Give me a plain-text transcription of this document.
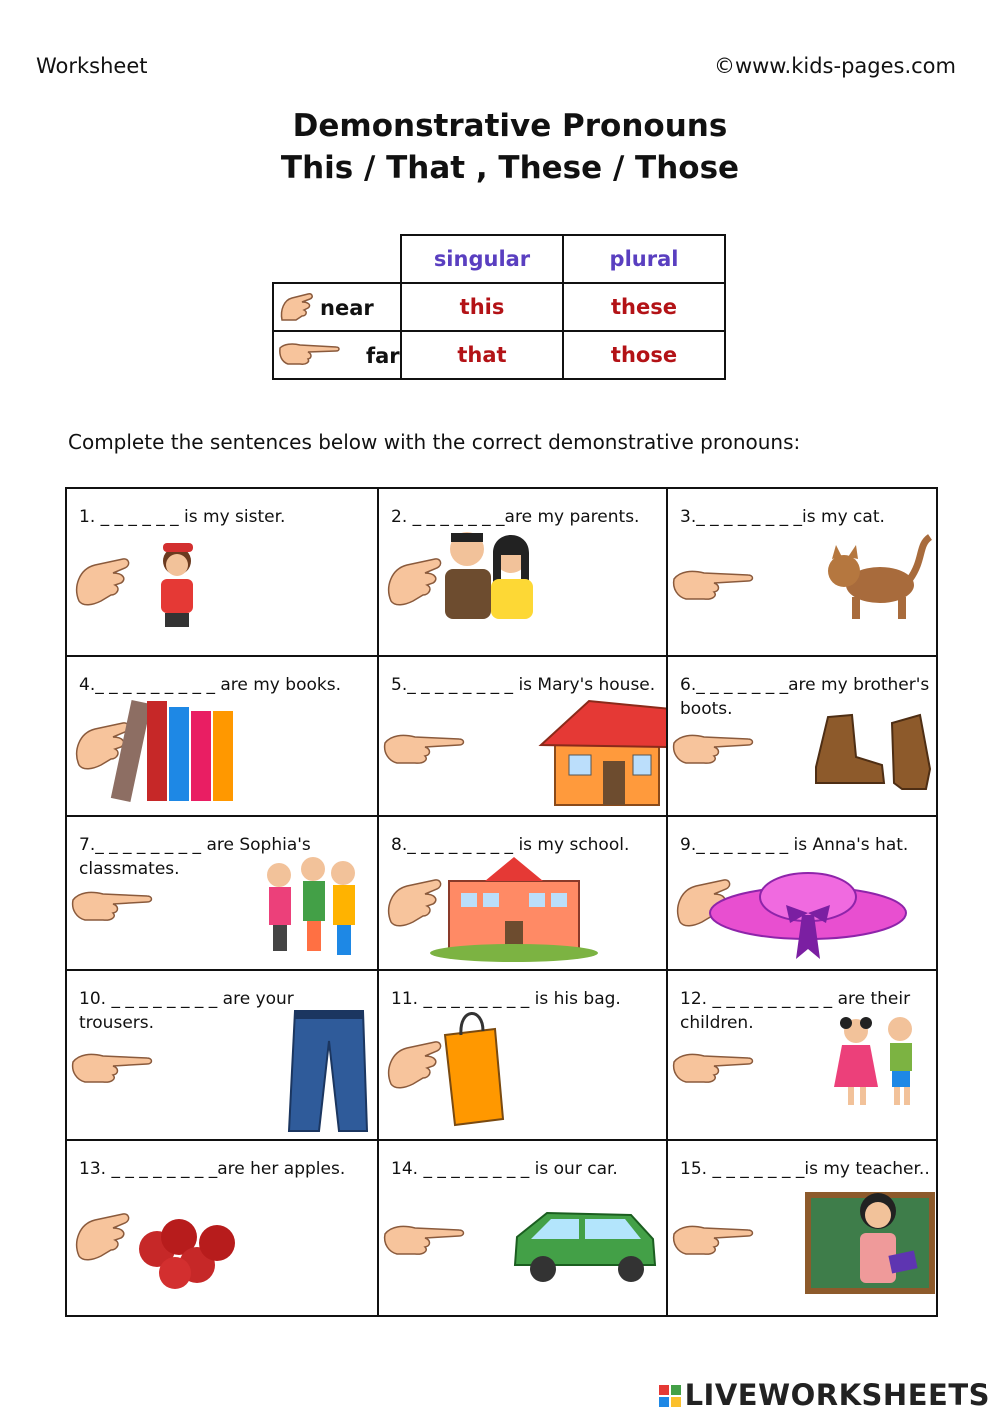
Worksheet	©www.kids-pages.com
Demonstrative Pronouns
This / That , These / Those
	singular	plural

near	this	these

far	that	those
Complete the sentences below with the correct demonstrative pronouns:
1. _ _ _ _ _ _ is my sister.	2. _ _ _ _ _ _ _are my parents.	3._ _ _ _ _ _ _ _is my cat.
4._ _ _ _ _ _ _ _ _ are my books.	5._ _ _ _ _ _ _ _ is Mary's house. 6._ _ _ _ _ _ _are my brother's boots.
7._ _ _ _ _ _ _ _ are Sophia's classmates.
8._ _ _ _ _ _ _ _ is my school.	9._ _ _ _ _ _ _ is Anna's hat.
10. _ _ _ _ _ _ _ _ are your trousers.
11. _ _ _ _ _ _ _ _ is his bag.	12. _ _ _ _ _ _ _ _ _ are their children.
13. _ _ _ _ _ _ _ _are her apples.	14. _ _ _ _ _ _ _ _ is our car.	15. _ _ _ _ _ _ _is my teacher..
LIVEWORKSHEETS
